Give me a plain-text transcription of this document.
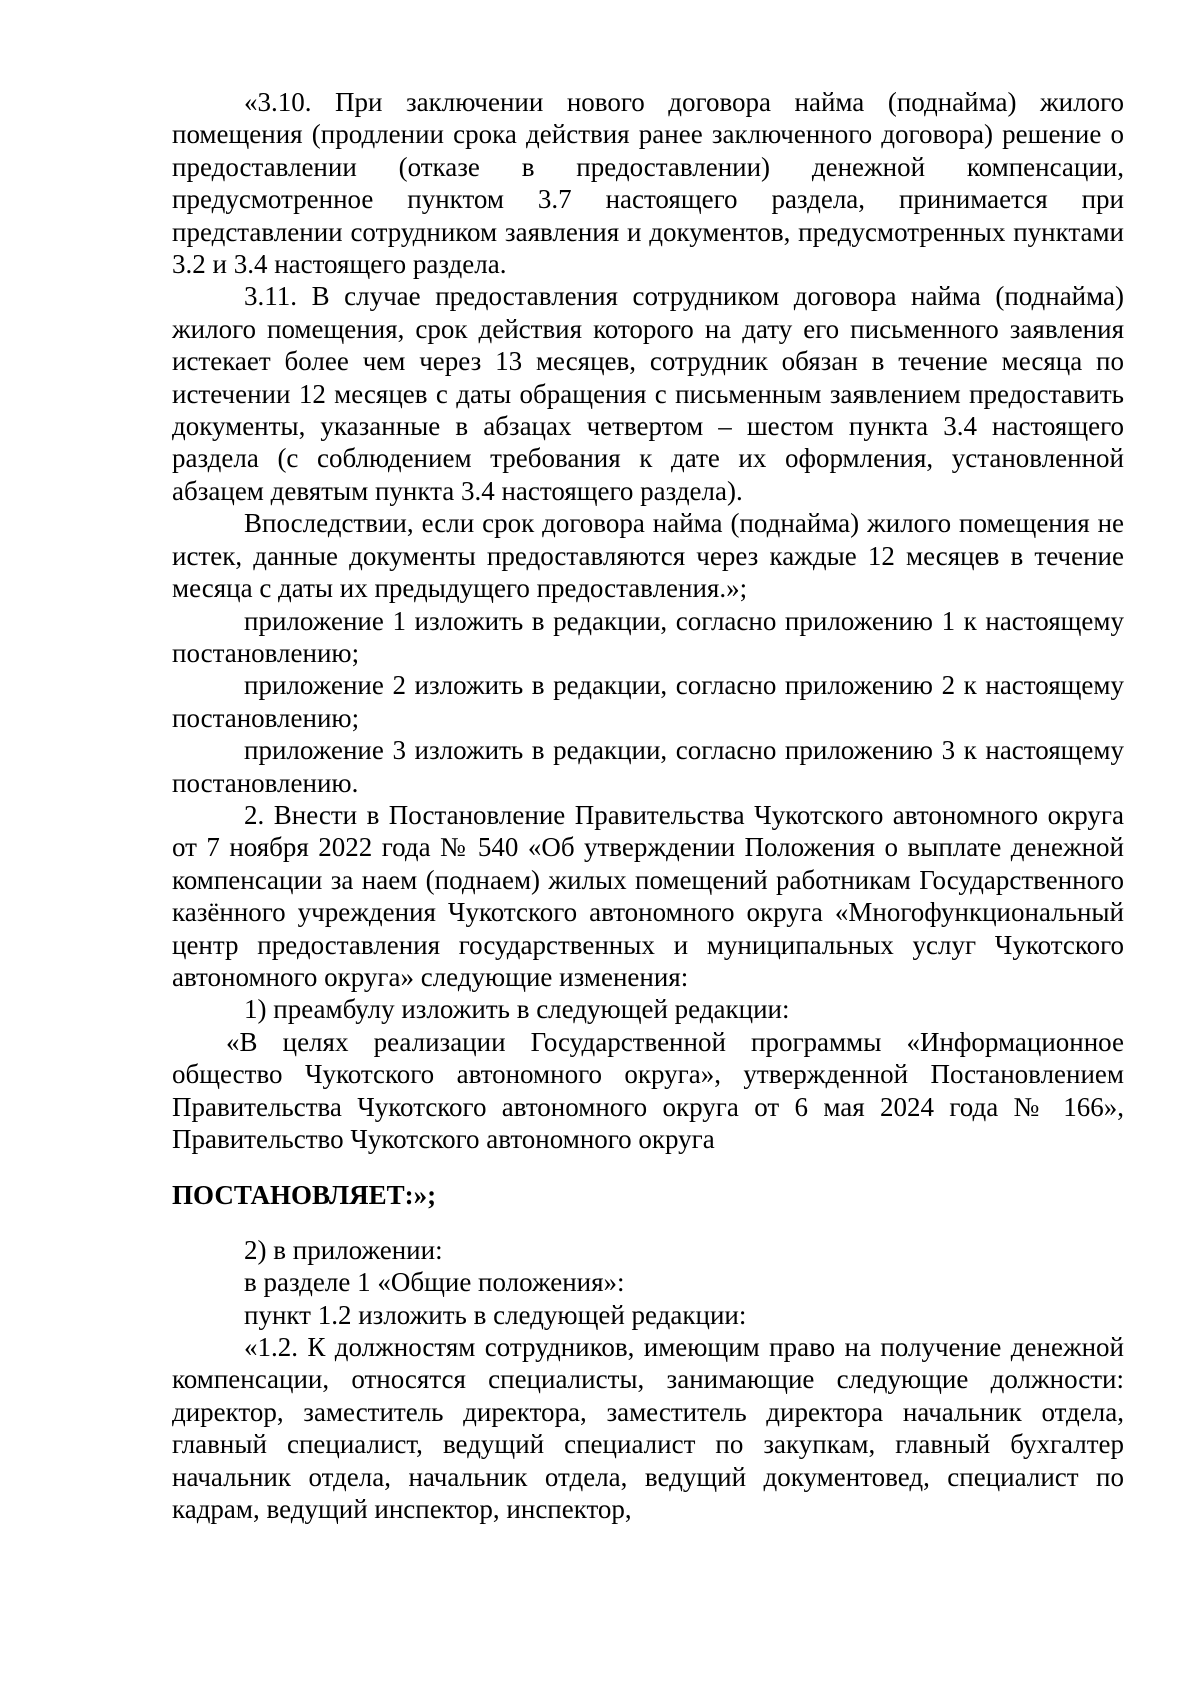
«3.10. При заключении нового договора найма (поднайма) жилого помещения (продлении срока действия ранее заключенного договора) решение о предоставлении (отказе в предоставлении) денежной компенсации, предусмотренное пунктом 3.7 настоящего раздела, принимается при представлении сотрудником заявления и документов, предусмотренных пунктами 3.2 и 3.4 настоящего раздела.

3.11. В случае предоставления сотрудником договора найма (поднайма) жилого помещения, срок действия которого на дату его письменного заявления истекает более чем через 13 месяцев, сотрудник обязан в течение месяца по истечении 12 месяцев с даты обращения с письменным заявлением предоставить документы, указанные в абзацах четвертом – шестом пункта 3.4 настоящего раздела (с соблюдением требования к дате их оформления, установленной абзацем девятым пункта 3.4 настоящего раздела).

Впоследствии, если срок договора найма (поднайма) жилого помещения не истек, данные документы предоставляются через каждые 12 месяцев в течение месяца с даты их предыдущего предоставления.»;

приложение 1 изложить в редакции, согласно приложению 1 к настоящему постановлению;

приложение 2 изложить в редакции, согласно приложению 2 к настоящему постановлению;

приложение 3 изложить в редакции, согласно приложению 3 к настоящему постановлению.

2. Внести в Постановление Правительства Чукотского автономного округа от 7 ноября 2022 года № 540 «Об утверждении Положения о выплате денежной компенсации за наем (поднаем) жилых помещений работникам Государственного казённого учреждения Чукотского автономного округа «Многофункциональный центр предоставления государственных и муниципальных услуг Чукотского автономного округа» следующие изменения:

1) преамбулу изложить в следующей редакции:

«В целях реализации Государственной программы «Информационное общество Чукотского автономного округа», утвержденной Постановлением Правительства Чукотского автономного округа от 6 мая 2024 года № 166», Правительство Чукотского автономного округа

ПОСТАНОВЛЯЕТ:»;

2) в приложении:

в разделе 1 «Общие положения»:

пункт 1.2 изложить в следующей редакции:

«1.2. К должностям сотрудников, имеющим право на получение денежной компенсации, относятся специалисты, занимающие следующие должности: директор, заместитель директора, заместитель директора начальник отдела, главный специалист, ведущий специалист по закупкам, главный бухгалтер начальник отдела, начальник отдела, ведущий документовед, специалист по кадрам, ведущий инспектор, инспектор,
